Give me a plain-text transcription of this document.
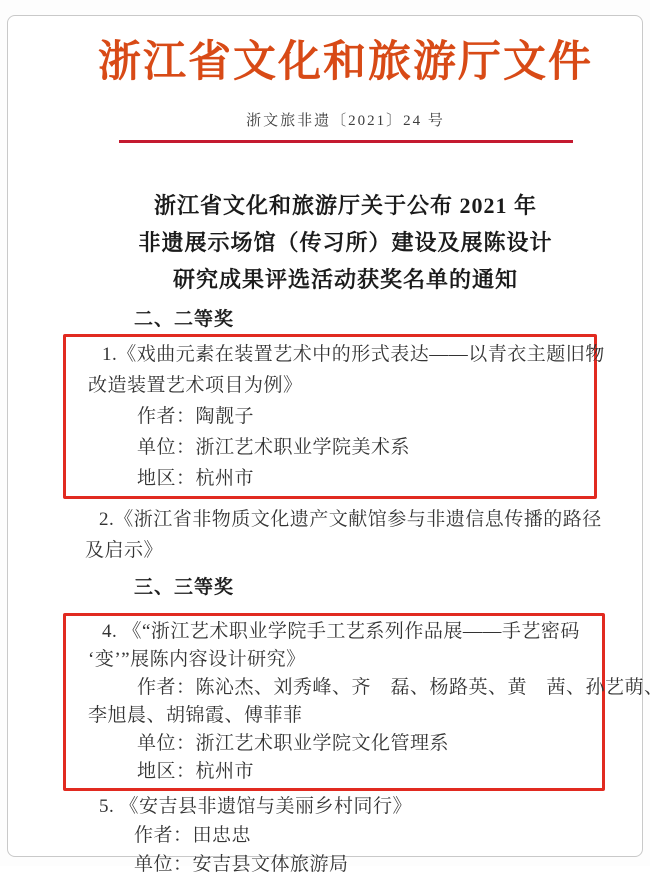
浙江省文化和旅游厅文件
浙文旅非遗〔2021〕24 号
浙江省文化和旅游厅关于公布 2021 年
非遗展示场馆（传习所）建设及展陈设计
研究成果评选活动获奖名单的通知
二、二等奖
1.《戏曲元素在装置艺术中的形式表达——以青衣主题旧物
改造装置艺术项目为例》
作者：陶靓子
单位：浙江艺术职业学院美术系
地区：杭州市
2.《浙江省非物质文化遗产文献馆参与非遗信息传播的路径
及启示》
三、三等奖
4. 《“浙江艺术职业学院手工艺系列作品展——手艺密码
‘变’”展陈内容设计研究》
作者：陈沁杰、刘秀峰、齐　磊、杨路英、黄　茜、孙艺萌、
李旭晨、胡锦霞、傅菲菲
单位：浙江艺术职业学院文化管理系
地区：杭州市
5. 《安吉县非遗馆与美丽乡村同行》
作者：田忠忠
单位：安吉县文体旅游局
